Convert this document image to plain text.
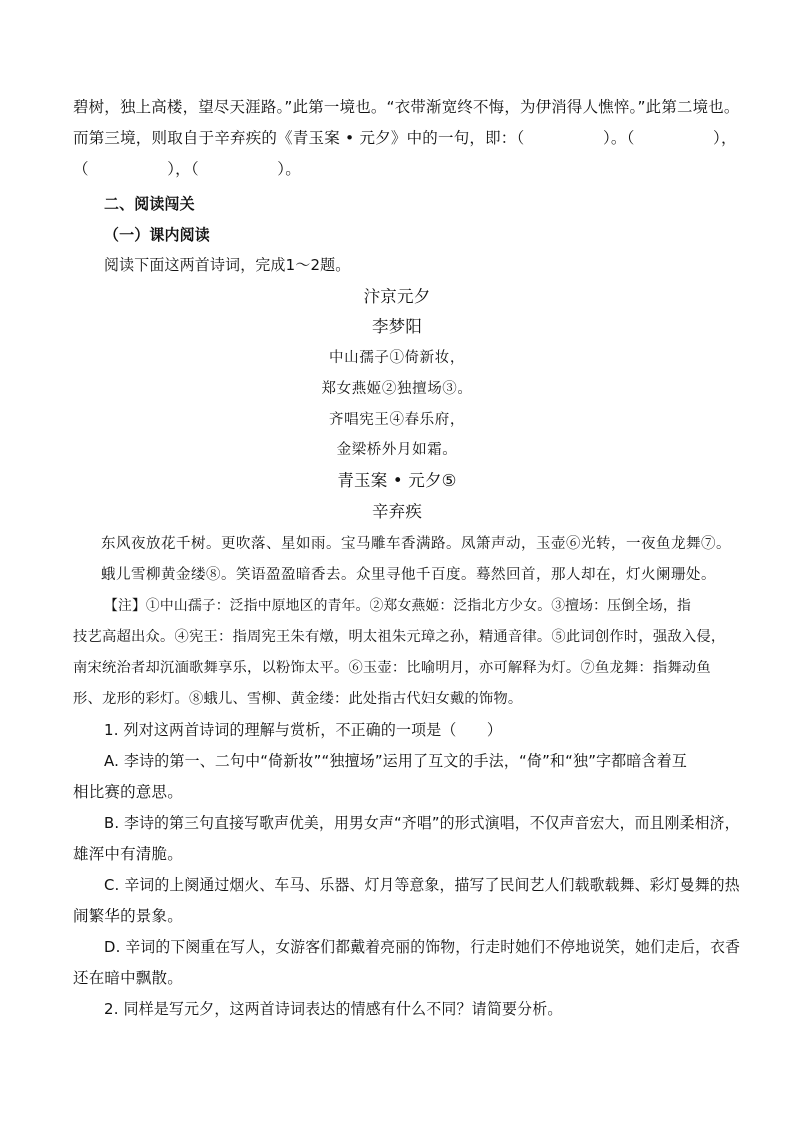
碧树，独上高楼，望尽天涯路。”此第一境也。“衣带渐宽终不悔，为伊消得人憔悴。”此第二境也。
而第三境，则取自于辛弃疾的《青玉案 • 元夕》中的一句，即：（　　　　　）。（　　　　　），
（　　　　　），（　　　　　）。
二、阅读闯关
（一）课内阅读
阅读下面这两首诗词，完成1～2题。
汴京元夕
李梦阳
中山孺子①倚新妆，
郑女燕姬②独擅场③。
齐唱宪王④春乐府，
金梁桥外月如霜。
青玉案 • 元夕⑤
辛弃疾
东风夜放花千树。更吹落、星如雨。宝马雕车香满路。凤箫声动，玉壶⑥光转，一夜鱼龙舞⑦。
蛾儿雪柳黄金缕⑧。笑语盈盈暗香去。众里寻他千百度。蓦然回首，那人却在，灯火阑珊处。
【注】①中山孺子：泛指中原地区的青年。②郑女燕姬：泛指北方少女。③擅场：压倒全场，指
技艺高超出众。④宪王：指周宪王朱有燉，明太祖朱元璋之孙，精通音律。⑤此词创作时，强敌入侵，
南宋统治者却沉湎歌舞享乐，以粉饰太平。⑥玉壶：比喻明月，亦可解释为灯。⑦鱼龙舞：指舞动鱼
形、龙形的彩灯。⑧蛾儿、雪柳、黄金缕：此处指古代妇女戴的饰物。
1. 列对这两首诗词的理解与赏析，不正确的一项是（　　）
A. 李诗的第一、二句中“倚新妆”“独擅场”运用了互文的手法，“倚”和“独”字都暗含着互
相比赛的意思。
B. 李诗的第三句直接写歌声优美，用男女声“齐唱”的形式演唱，不仅声音宏大，而且刚柔相济，
雄浑中有清脆。
C. 辛词的上阕通过烟火、车马、乐器、灯月等意象，描写了民间艺人们载歌载舞、彩灯曼舞的热
闹繁华的景象。
D. 辛词的下阕重在写人，女游客们都戴着亮丽的饰物，行走时她们不停地说笑，她们走后，衣香
还在暗中飘散。
2. 同样是写元夕，这两首诗词表达的情感有什么不同？请简要分析。
